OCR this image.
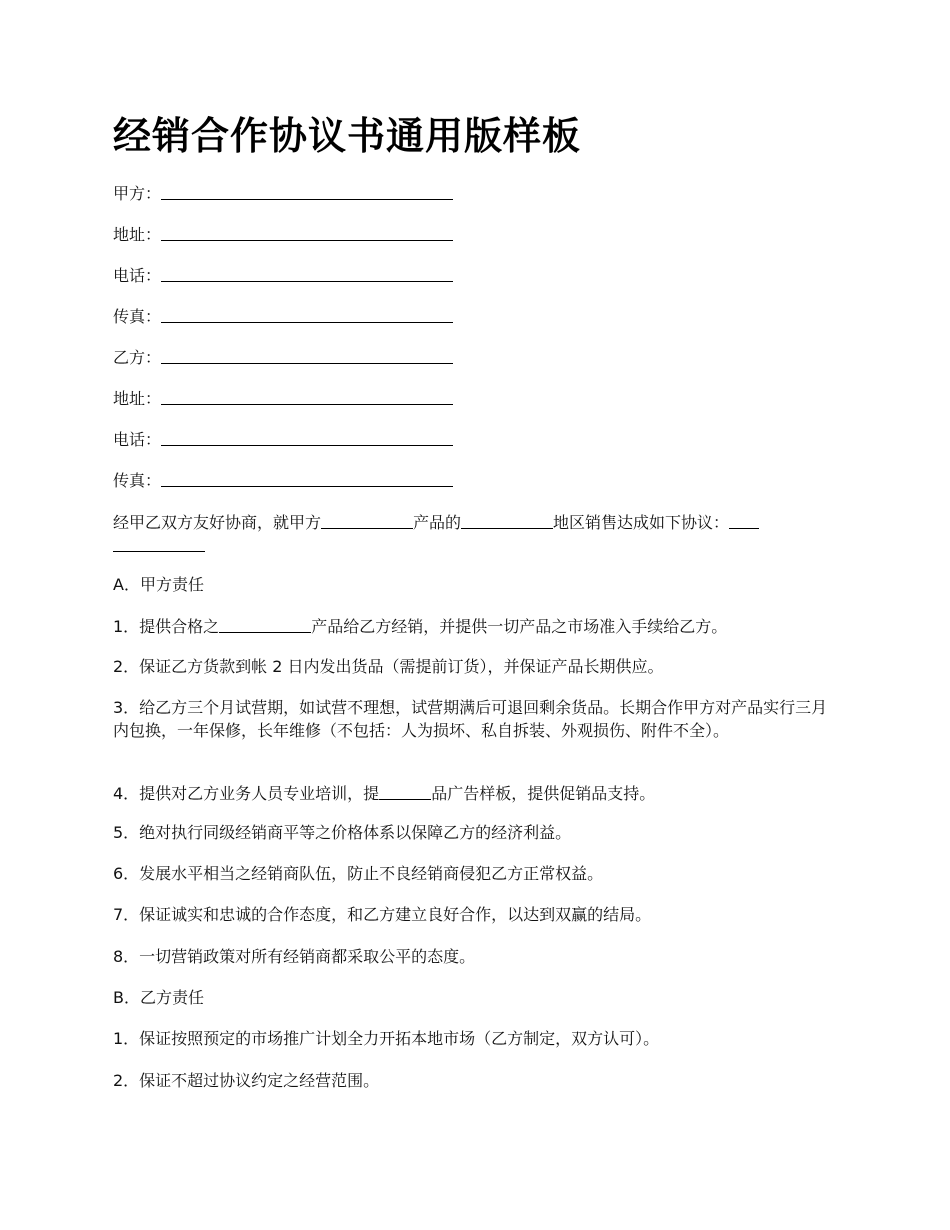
经销合作协议书通用版样板
甲方：
地址：
电话：
传真：
乙方：
地址：
电话：
传真：
经甲乙双方友好协商，就甲方	产品的	地区销售达成如下协议：
A．甲方责任
1．提供合格之	产品给乙方经销，并提供一切产品之市场准入手续给乙方。
2．保证乙方货款到帐 2 日内发出货品（需提前订货），并保证产品长期供应。

3．给乙方三个月试营期，如试营不理想，试营期满后可退回剩余货品。长期合作甲方对产品实行三月内包换，一年保修，长年维修（不包括：人为损坏、私自拆装、外观损伤、附件不全）。

4．提供对乙方业务人员专业培训，提	品广告样板，提供促销品支持。
5．绝对执行同级经销商平等之价格体系以保障乙方的经济利益。
6．发展水平相当之经销商队伍，防止不良经销商侵犯乙方正常权益。
7．保证诚实和忠诚的合作态度，和乙方建立良好合作，以达到双赢的结局。
8．一切营销政策对所有经销商都采取公平的态度。
B．乙方责任
1．保证按照预定的市场推广计划全力开拓本地市场（乙方制定，双方认可）。
2．保证不超过协议约定之经营范围。
